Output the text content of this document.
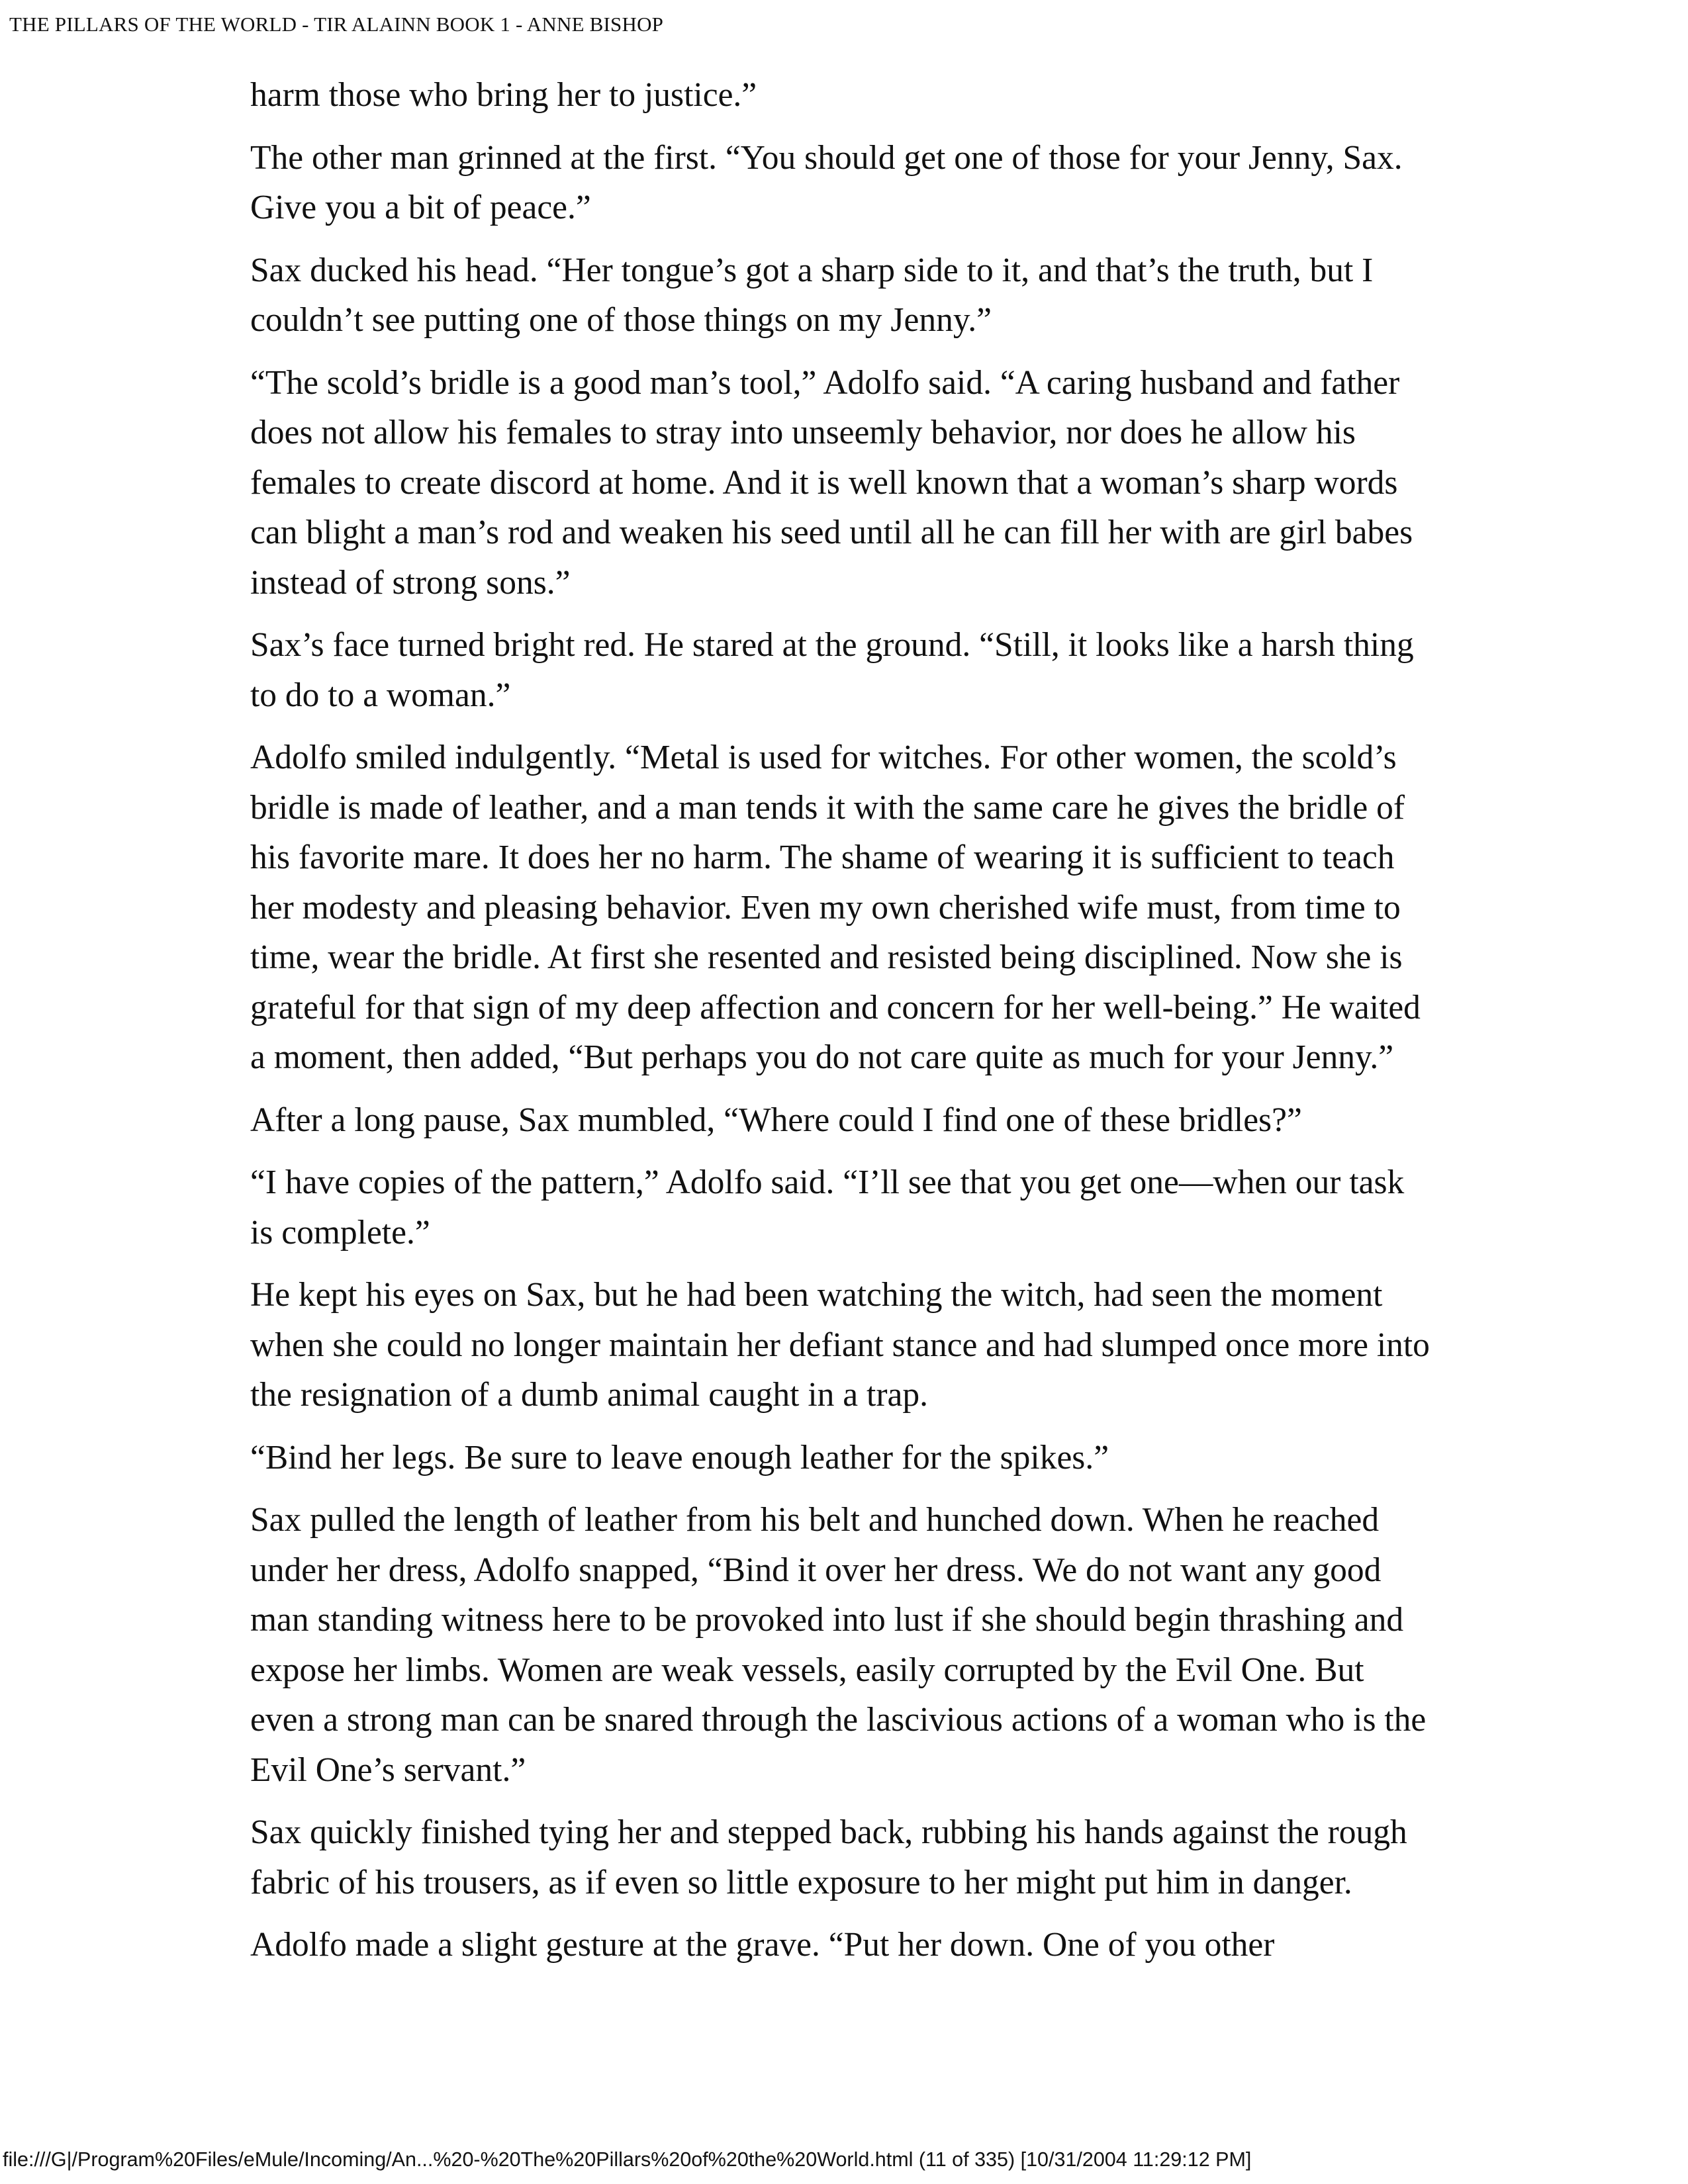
THE PILLARS OF THE WORLD - TIR ALAINN BOOK 1 - ANNE BISHOP

harm those who bring her to justice.”

The other man grinned at the first. “You should get one of those for your Jenny, Sax. Give you a bit of peace.”

Sax ducked his head. “Her tongue’s got a sharp side to it, and that’s the truth, but I couldn’t see putting one of those things on my Jenny.”

“The scold’s bridle is a good man’s tool,” Adolfo said. “A caring husband and father does not allow his females to stray into unseemly behavior, nor does he allow his females to create discord at home. And it is well known that a woman’s sharp words can blight a man’s rod and weaken his seed until all he can fill her with are girl babes instead of strong sons.”

Sax’s face turned bright red. He stared at the ground. “Still, it looks like a harsh thing to do to a woman.”

Adolfo smiled indulgently. “Metal is used for witches. For other women, the scold’s bridle is made of leather, and a man tends it with the same care he gives the bridle of his favorite mare. It does her no harm. The shame of wearing it is sufficient to teach her modesty and pleasing behavior. Even my own cherished wife must, from time to time, wear the bridle. At first she resented and resisted being disciplined. Now she is grateful for that sign of my deep affection and concern for her well-being.” He waited a moment, then added, “But perhaps you do not care quite as much for your Jenny.”

After a long pause, Sax mumbled, “Where could I find one of these bridles?”

“I have copies of the pattern,” Adolfo said. “I’ll see that you get one—when our task is complete.”

He kept his eyes on Sax, but he had been watching the witch, had seen the moment when she could no longer maintain her defiant stance and had slumped once more into the resignation of a dumb animal caught in a trap.

“Bind her legs. Be sure to leave enough leather for the spikes.”

Sax pulled the length of leather from his belt and hunched down. When he reached under her dress, Adolfo snapped, “Bind it over her dress. We do not want any good man standing witness here to be provoked into lust if she should begin thrashing and expose her limbs. Women are weak vessels, easily corrupted by the Evil One. But even a strong man can be snared through the lascivious actions of a woman who is the Evil One’s servant.”

Sax quickly finished tying her and stepped back, rubbing his hands against the rough fabric of his trousers, as if even so little exposure to her might put him in danger.

Adolfo made a slight gesture at the grave. “Put her down. One of you other

file:///G|/Program%20Files/eMule/Incoming/An...%20-%20The%20Pillars%20of%20the%20World.html (11 of 335) [10/31/2004 11:29:12 PM]
